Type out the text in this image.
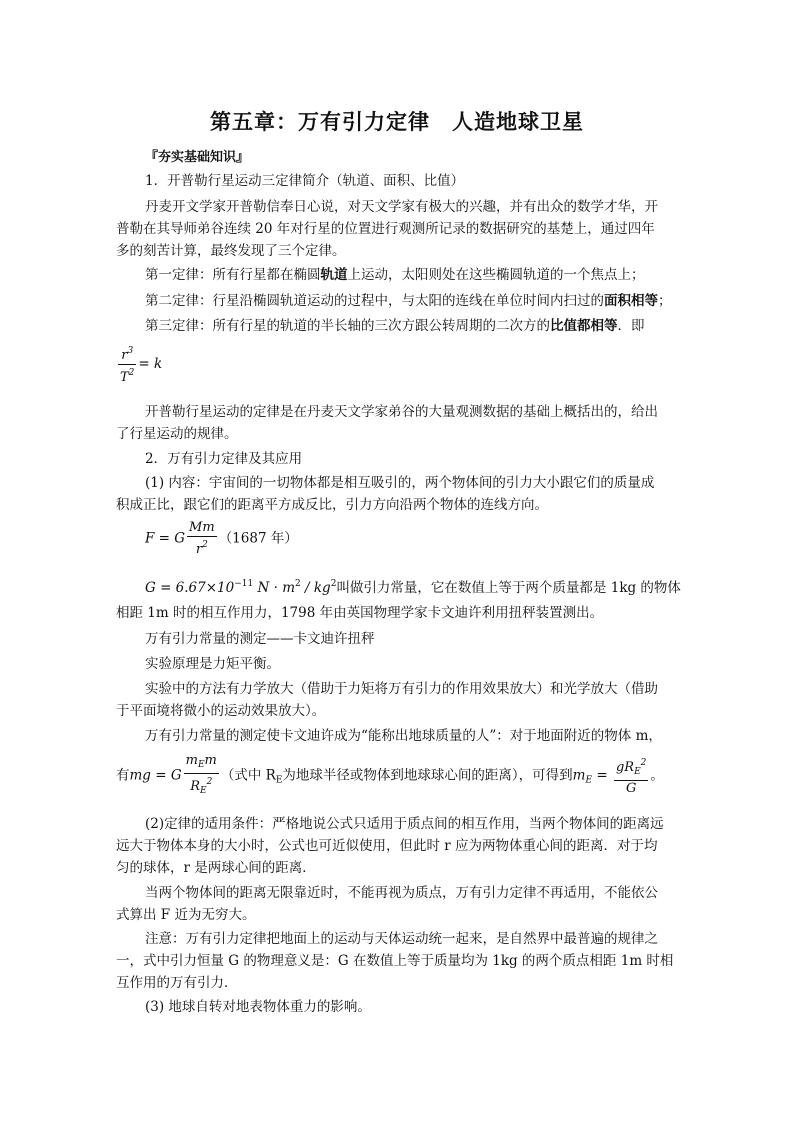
第五章：万有引力定律 人造地球卫星
『夯实基础知识』
1．开普勒行星运动三定律简介（轨道、面积、比值）
丹麦开文学家开普勒信奉日心说，对天文学家有极大的兴趣，并有出众的数学才华，开
普勒在其导师弟谷连续 20 年对行星的位置进行观测所记录的数据研究的基楚上，通过四年
多的刻苦计算，最终发现了三个定律。
第一定律：所有行星都在椭圆轨道上运动，太阳则处在这些椭圆轨道的一个焦点上；
第二定律：行星沿椭圆轨道运动的过程中，与太阳的连线在单位时间内扫过的面积相等；
第三定律：所有行星的轨道的半长轴的三次方跟公转周期的二次方的比值都相等．即
$\frac{r^3}{T^2} = k$
开普勒行星运动的定律是在丹麦天文学家弟谷的大量观测数据的基础上概括出的，给出
了行星运动的规律。
2．万有引力定律及其应用
(1) 内容：宇宙间的一切物体都是相互吸引的，两个物体间的引力大小跟它们的质量成
积成正比，跟它们的距离平方成反比，引力方向沿两个物体的连线方向。
F = G $\frac{Mm}{r^2} (1687$ 年）
$G = 6.67\times 10^{-11}$ $N \cdot m^2 / kg^2$叫做引力常量，它在数值上等于两个质量都是 1kg 的物体
相距 1m 时的相互作用力，1798 年由英国物理学家卡文迪许利用扭秤装置测出。
万有引力常量的测定——卡文迪许扭秤
实验原理是力矩平衡。
实验中的方法有力学放大（借助于力矩将万有引力的作用效果放大）和光学放大（借助
于平面境将微小的运动效果放大）。
万有引力常量的测定使卡文迪许成为“能称出地球质量的人”：对于地面附近的物体 m，
有mg = G $\frac{m_Em}{R_E^2}$ （式中 $R_E$为地球半径或物体到地球球心间的距离），可得到$m_E = \frac{gR_E^2}{G}$ 。
(2)定律的适用条件：严格地说公式只适用于质点间的相互作用，当两个物体间的距离远
远大于物体本身的大小时，公式也可近似使用，但此时 r 应为两物体重心间的距离．对于均
匀的球体，r 是两球心间的距离．
当两个物体间的距离无限靠近时，不能再视为质点，万有引力定律不再适用，不能依公
式算出 F 近为无穷大。
注意：万有引力定律把地面上的运动与天体运动统一起来，是自然界中最普遍的规律之
一，式中引力恒量 G 的物理意义是：G 在数值上等于质量均为 1kg 的两个质点相距 1m 时相
互作用的万有引力．
(3) 地球自转对地表物体重力的影响。
